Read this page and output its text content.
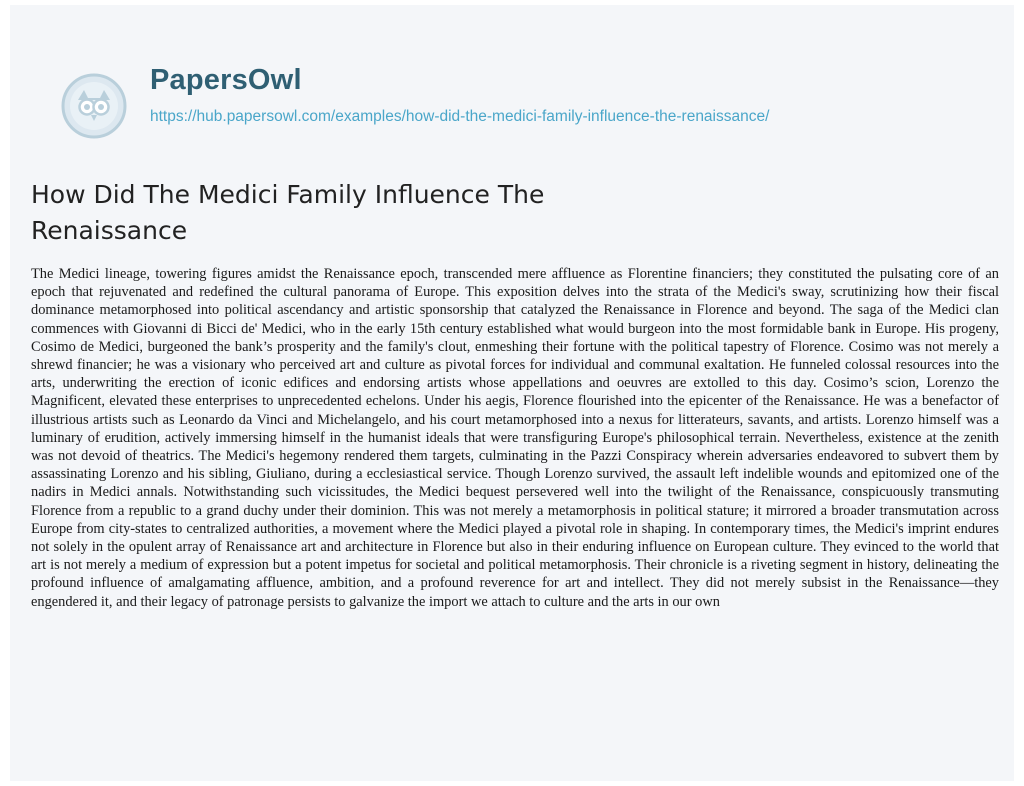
PapersOwl
https://hub.papersowl.com/examples/how-did-the-medici-family-influence-the-renaissance/
How Did The Medici Family Influence The Renaissance

The Medici lineage, towering figures amidst the Renaissance epoch, transcended mere affluence as Florentine financiers; they constituted the pulsating core of an epoch that rejuvenated and redefined the cultural panorama of Europe. This exposition delves into the strata of the Medici's sway, scrutinizing how their fiscal dominance metamorphosed into political ascendancy and artistic sponsorship that catalyzed the Renaissance in Florence and beyond. The saga of the Medici clan commences with Giovanni di Bicci de' Medici, who in the early 15th century established what would burgeon into the most formidable bank in Europe. His progeny, Cosimo de Medici, burgeoned the bank’s prosperity and the family's clout, enmeshing their fortune with the political tapestry of Florence. Cosimo was not merely a shrewd financier; he was a visionary who perceived art and culture as pivotal forces for individual and communal exaltation. He funneled colossal resources into the arts, underwriting the erection of iconic edifices and endorsing artists whose appellations and oeuvres are extolled to this day. Cosimo’s scion, Lorenzo the Magnificent, elevated these enterprises to unprecedented echelons. Under his aegis, Florence flourished into the epicenter of the Renaissance. He was a benefactor of illustrious artists such as Leonardo da Vinci and Michelangelo, and his court metamorphosed into a nexus for litterateurs, savants, and artists. Lorenzo himself was a luminary of erudition, actively immersing himself in the humanist ideals that were transfiguring Europe's philosophical terrain. Nevertheless, existence at the zenith was not devoid of theatrics. The Medici's hegemony rendered them targets, culminating in the Pazzi Conspiracy wherein adversaries endeavored to subvert them by assassinating Lorenzo and his sibling, Giuliano, during a ecclesiastical service. Though Lorenzo survived, the assault left indelible wounds and epitomized one of the nadirs in Medici annals. Notwithstanding such vicissitudes, the Medici bequest persevered well into the twilight of the Renaissance, conspicuously transmuting Florence from a republic to a grand duchy under their dominion. This was not merely a metamorphosis in political stature; it mirrored a broader transmutation across Europe from city-states to centralized authorities, a movement where the Medici played a pivotal role in shaping. In contemporary times, the Medici's imprint endures not solely in the opulent array of Renaissance art and architecture in Florence but also in their enduring influence on European culture. They evinced to the world that art is not merely a medium of expression but a potent impetus for societal and political metamorphosis. Their chronicle is a riveting segment in history, delineating the profound influence of amalgamating affluence, ambition, and a profound reverence for art and intellect. They did not merely subsist in the Renaissance—they engendered it, and their legacy of patronage persists to galvanize the import we attach to culture and the arts in our own
